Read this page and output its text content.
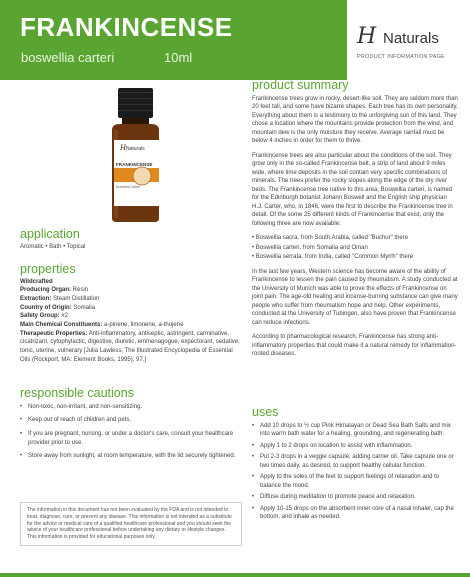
FRANKINCENSE
boswellia carteri	10ml
H Naturals
PRODUCT INFORMATION PAGE
H Naturals
FRANKINCENSE
Boswellia Carteri
application
Aromatic • Bath • Topical
properties
Wildcrafted
Producing Organ: Resin
Extraction: Steam Distillation
Country of Origin: Somalia
Safety Group: #2
Main Chemical Constituents: a-pinene, limonene, a-thujene
Therapeutic Properties: Anti-inflammatory, antiseptic, astringent, carminative, cicatrizant, cytophylactic, digestive, diuretic, emmenagogue, expectorant, sedative, tonic, uterine, vulnerary [Julia Lawless, The Illustrated Encyclopedia of Essential Oils (Rockport, MA: Element Books, 1995), 97.]
responsible cautions
• Non-toxic, non-irritant, and non-sensitizing.
• Keep out of reach of children and pets.
• If you are pregnant, nursing, or under a doctor's care, consult your healthcare provider prior to use.
• Store away from sunlight, at room temperature, with the lid securely tightened.
The information in this document has not been evaluated by the FDA and is not intended to treat, diagnose, cure, or prevent any disease. This information is not intended as a substitute for the advice or medical care of a qualified healthcare professional and you should seek the advice of your healthcare professional before undertaking any dietary or lifestyle changes. This information is provided for educational purposes only.
product summary

Frankincense trees grow in rocky, desert-like soil. They are seldom more than 20 feet tall, and some have bizarre shapes. Each tree has its own personality. Everything about them is a testimony to the unforgiving sun of this land. They chose a location where the mountains provide protection from the wind, and mountain dew is the only moisture they receive. Average rainfall must be below 4 inches in order for them to thrive.

Frankincense trees are also particular about the conditions of the soil. They grow only in the so-called Frankincense belt, a strip of land about 9 miles wide, where lime deposits in the soil contain very specific combinations of minerals. The trees prefer the rocky slopes along the edge of the dry river beds. The Frankincense tree native to this area, Boswellia carteri, is named for the Edinburgh botanist Johann Boswell and the English ship physician H.J. Carter, who, in 1846, were the first to describe the Frankincense tree in detail. Of the some 25 different kinds of Frankincense that exist, only the following three are now available:

• Boswellia sacra, from South Arabia, called "Buchur" there
• Boswellia carteri, from Somalia and Oman
• Boswellia serrata, from India, called "Common Myrrh" there

In the last few years, Western science has become aware of the ability of Frankincense to lessen the pain caused by rheumatism. A study conducted at the University of Munich was able to prove the effects of Frankincense on joint pain. The age-old healing and incense-burning substance can give many people who suffer from rheumatism hope and help. Other experiments, conducted at the University of Tubingen, also have proven that Frankincense can reduce infections.

According to pharmacological research, Frankincense has strong anti-inflammatory properties that could make it a natural remedy for inflammation-rooted diseases.

uses
• Add 10 drops to ½ cup Pink Himalayan or Dead Sea Bath Salts and mix into warm bath water for a healing, grounding, and regenerating bath.
• Apply 1 to 2 drops on location to assist with inflammation.
• Put 2-3 drops in a veggie capsule, adding carrier oil. Take capsule one or two times daily, as desired, to support healthy cellular function.
• Apply to the soles of the feet to support feelings of relaxation and to balance the mood.
• Diffuse during meditation to promote peace and relaxation.
• Apply 10-15 drops on the absorbent inner core of a nasal inhaler, cap the bottom, and inhale as needed.
